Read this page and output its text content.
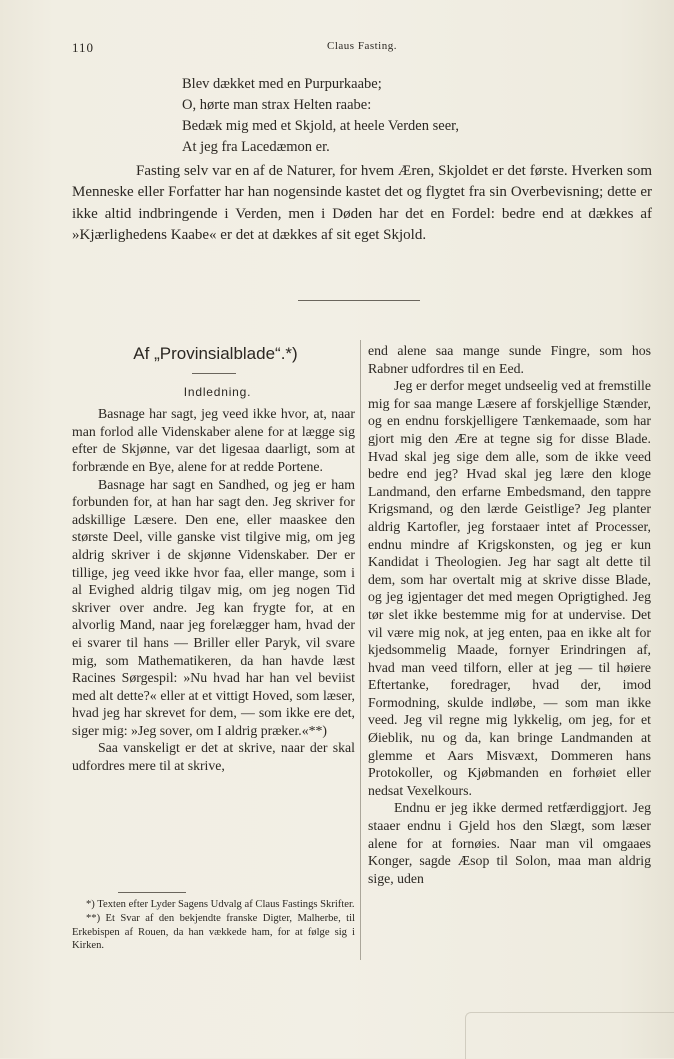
110	Claus Fasting.
Blev dækket med en Purpurkaabe;
O, hørte man strax Helten raabe:
Bedæk mig med et Skjold, at heele Verden seer,
At jeg fra Lacedæmon er.
Fasting selv var en af de Naturer, for hvem Æren, Skjoldet er det første. Hverken som Menneske eller Forfatter har han nogensinde kastet det og flygtet fra sin Overbevisning; dette er ikke altid indbringende i Verden, men i Døden har det en Fordel: bedre end at dækkes af »Kjærlighedens Kaabe« er det at dækkes af sit eget Skjold.
Af „Provinsialblade“.*)
Indledning.

Basnage har sagt, jeg veed ikke hvor, at, naar man forlod alle Videnskaber alene for at lægge sig efter de Skjønne, var det ligesaa daarligt, som at forbrænde en Bye, alene for at redde Portene.

Basnage har sagt en Sandhed, og jeg er ham forbunden for, at han har sagt den. Jeg skriver for adskillige Læsere. Den ene, eller maaskee den største Deel, ville ganske vist tilgive mig, om jeg aldrig skriver i de skjønne Videnskaber. Der er tillige, jeg veed ikke hvor faa, eller mange, som i al Evighed aldrig tilgav mig, om jeg nogen Tid skriver over andre. Jeg kan frygte for, at en alvorlig Mand, naar jeg forelægger ham, hvad der ei svarer til hans — Briller eller Paryk, vil svare mig, som Mathematikeren, da han havde læst Racines Sørgespil: »Nu hvad har han vel beviist med alt dette?« eller at et vittigt Hoved, som læser, hvad jeg har skrevet for dem, — som ikke ere det, siger mig: »Jeg sover, om I aldrig præker.«**)

Saa vanskeligt er det at skrive, naar der skal udfordres mere til at skrive,

end alene saa mange sunde Fingre, som hos Rabner udfordres til en Eed.

Jeg er derfor meget undseelig ved at fremstille mig for saa mange Læsere af forskjellige Stænder, og en endnu forskjelligere Tænkemaade, som har gjort mig den Ære at tegne sig for disse Blade. Hvad skal jeg sige dem alle, som de ikke veed bedre end jeg? Hvad skal jeg lære den kloge Landmand, den erfarne Embedsmand, den tappre Krigsmand, og den lærde Geistlige? Jeg planter aldrig Kartofler, jeg forstaaer intet af Processer, endnu mindre af Krigskonsten, og jeg er kun Kandidat i Theologien. Jeg har sagt alt dette til dem, som har overtalt mig at skrive disse Blade, og jeg igjentager det med megen Oprigtighed. Jeg tør slet ikke bestemme mig for at undervise. Det vil være mig nok, at jeg enten, paa en ikke alt for kjedsommelig Maade, fornyer Erindringen af, hvad man veed tilforn, eller at jeg — til høiere Eftertanke, foredrager, hvad der, imod Formodning, skulde indløbe, — som man ikke veed. Jeg vil regne mig lykkelig, om jeg, for et Øieblik, nu og da, kan bringe Landmanden at glemme et Aars Misvæxt, Dommeren hans Protokoller, og Kjøbmanden en forhøiet eller nedsat Vexelkours.

Endnu er jeg ikke dermed retfærdiggjort. Jeg staaer endnu i Gjeld hos den Slægt, som læser alene for at fornøies. Naar man vil omgaaes Konger, sagde Æsop til Solon, maa man aldrig sige, uden

*) Texten efter Lyder Sagens Udvalg af Claus Fastings Skrifter.

**) Et Svar af den bekjendte franske Digter, Malherbe, til Erkebispen af Rouen, da han vækkede ham, for at følge sig i Kirken.
